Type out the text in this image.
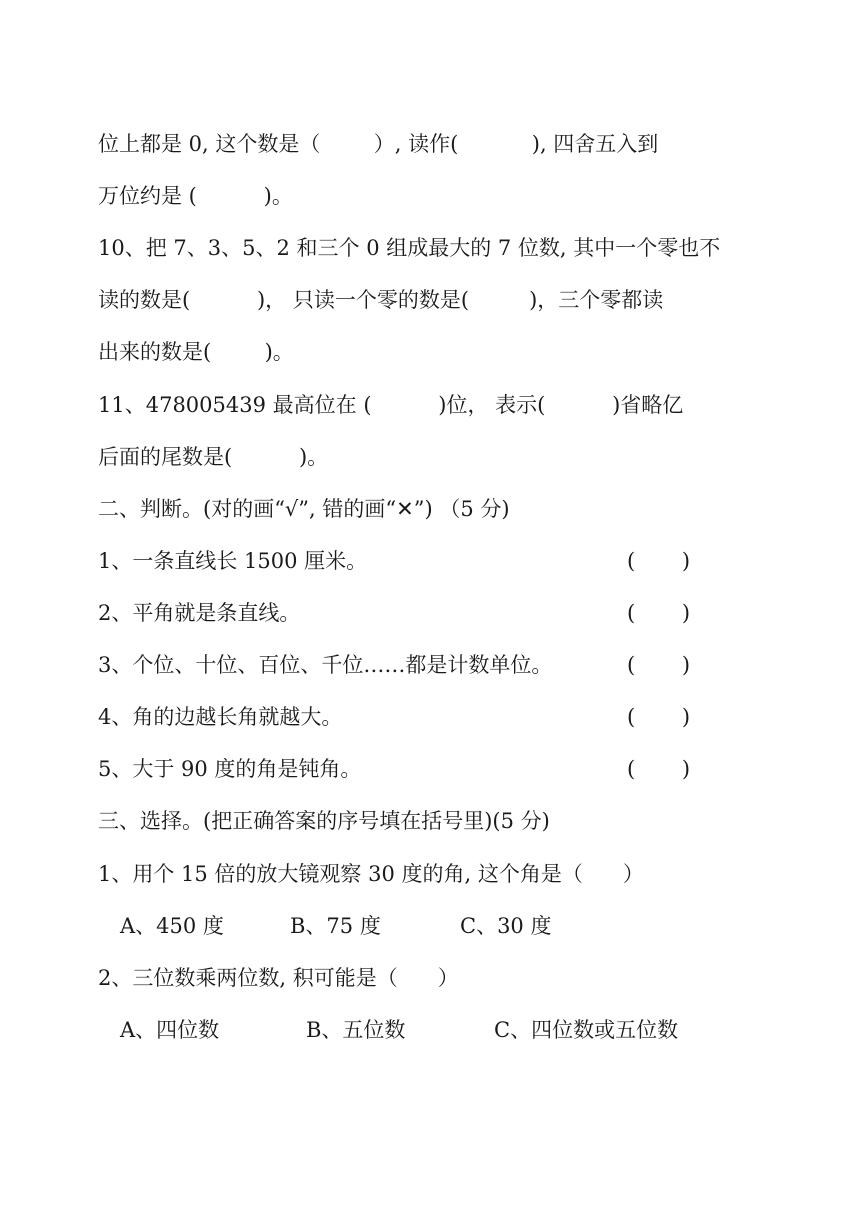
位上都是 0, 这个数是（        ）, 读作(           ), 四舍五入到
万位约是 (          )。
10、把 7、3、5、2 和三个 0 组成最大的 7 位数, 其中一个零也不
读的数是(          )， 只读一个零的数是(         )，三个零都读
出来的数是(        )。
11、478005439 最高位在 (          )位， 表示(          )省略亿
后面的尾数是(          )。
二、判断。(对的画“√”, 错的画“✕”) （5 分)
1、一条直线长 1500 厘米。	(       )
2、平角就是条直线。	(       )
3、个位、十位、百位、千位……都是计数单位。	(       )
4、角的边越长角就越大。	(       )
5、大于 90 度的角是钝角。	(       )
三、选择。(把正确答案的序号填在括号里)(5 分)
1、用个 15 倍的放大镜观察 30 度的角, 这个角是（      ）
A、450 度	B、75 度	C、30 度
2、三位数乘两位数, 积可能是（      ）
A、四位数	B、五位数	C、四位数或五位数
